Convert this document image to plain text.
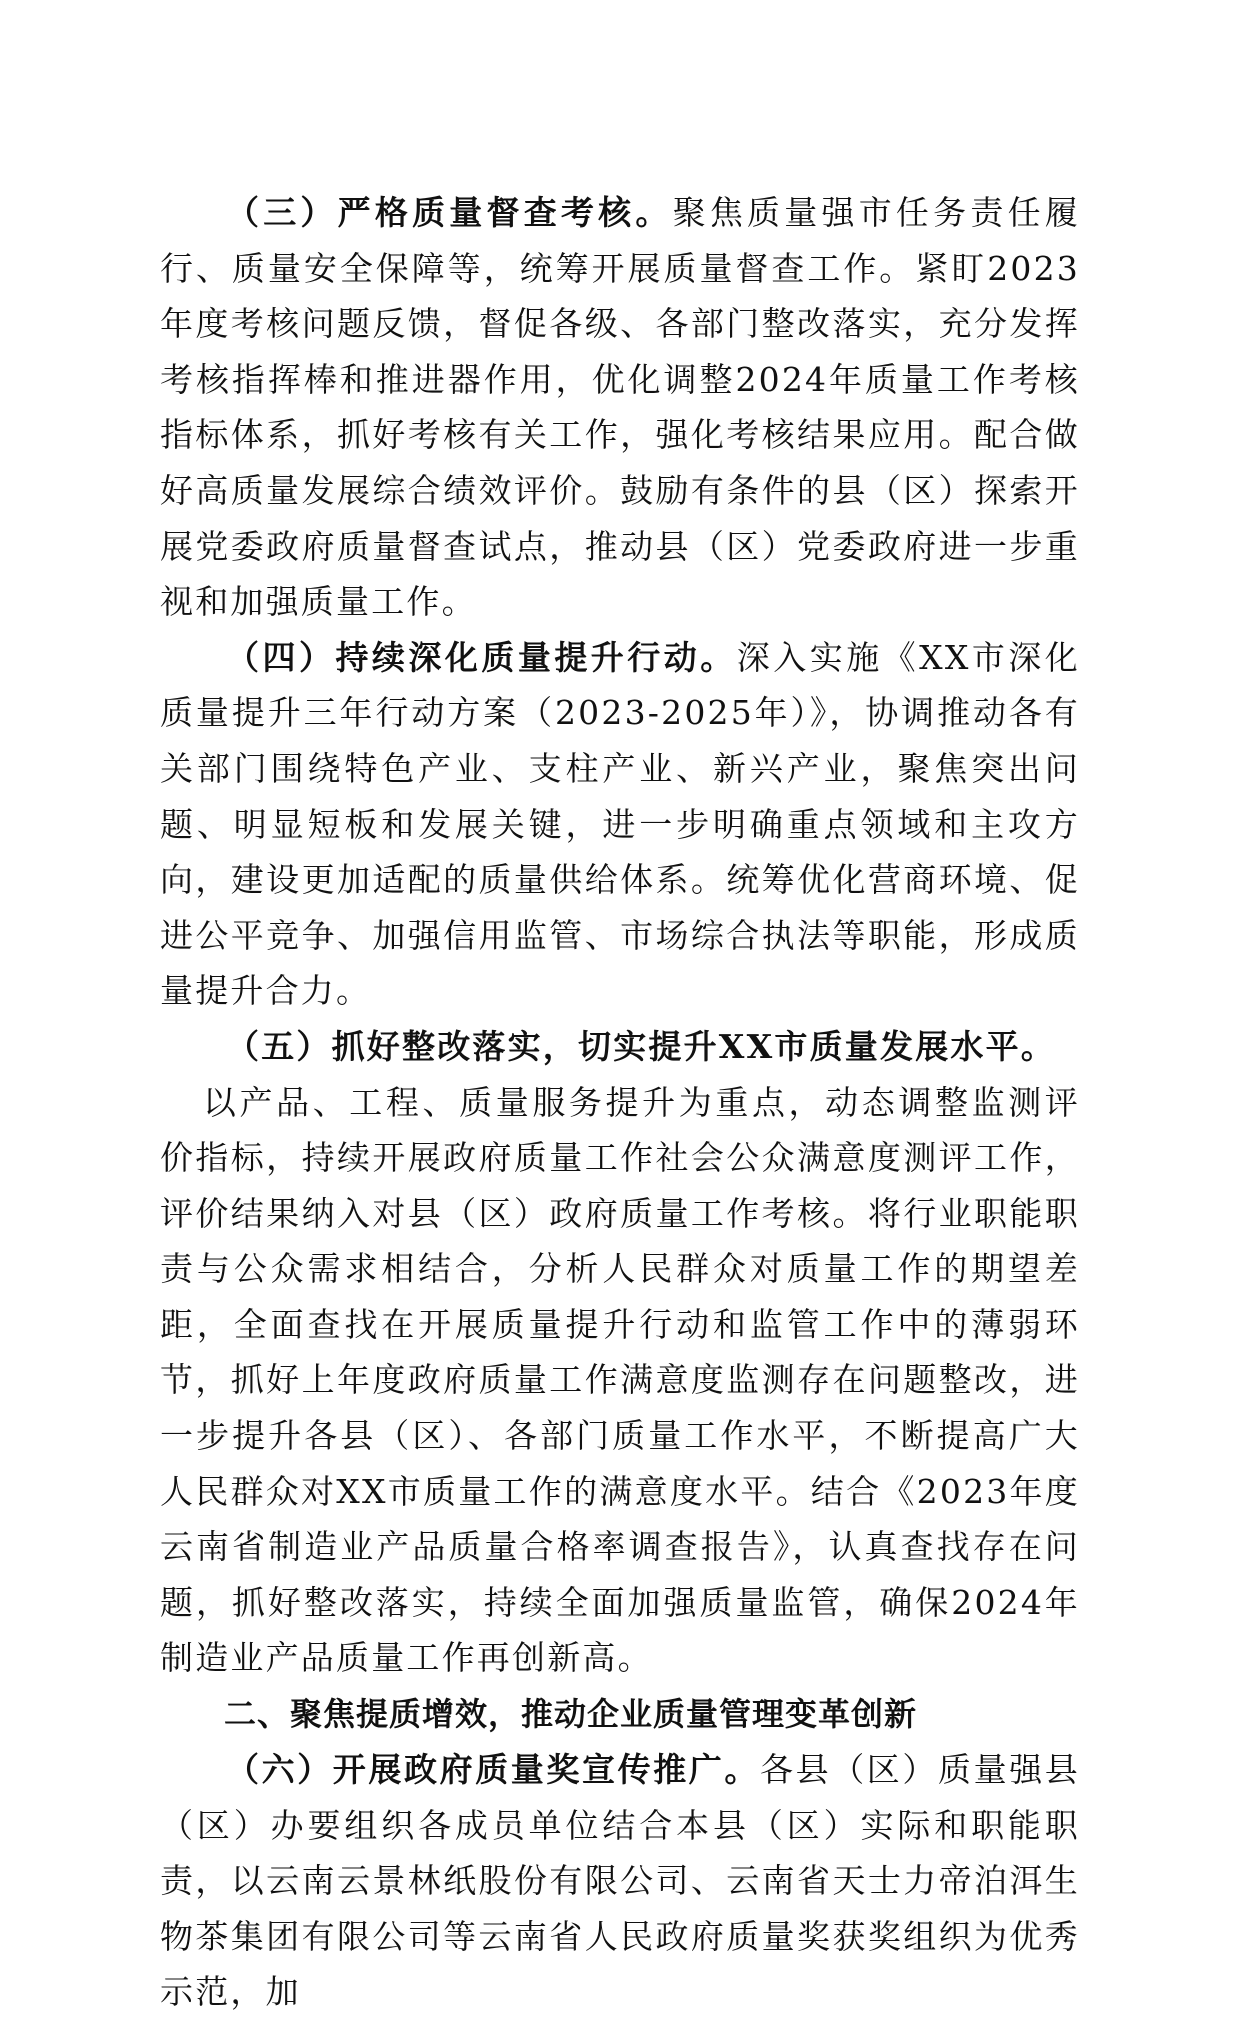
（三）严格质量督查考核。聚焦质量强市任务责任履行、质量安全保障等，统筹开展质量督查工作。紧盯2023年度考核问题反馈，督促各级、各部门整改落实，充分发挥考核指挥棒和推进器作用，优化调整2024年质量工作考核指标体系，抓好考核有关工作，强化考核结果应用。配合做好高质量发展综合绩效评价。鼓励有条件的县（区）探索开展党委政府质量督查试点，推动县（区）党委政府进一步重视和加强质量工作。

（四）持续深化质量提升行动。深入实施《XX市深化质量提升三年行动方案（2023-2025年）》，协调推动各有关部门围绕特色产业、支柱产业、新兴产业，聚焦突出问题、明显短板和发展关键，进一步明确重点领域和主攻方向，建设更加适配的质量供给体系。统筹优化营商环境、促进公平竞争、加强信用监管、市场综合执法等职能，形成质量提升合力。

（五）抓好整改落实，切实提升XX市质量发展水平。

以产品、工程、质量服务提升为重点，动态调整监测评价指标，持续开展政府质量工作社会公众满意度测评工作，评价结果纳入对县（区）政府质量工作考核。将行业职能职责与公众需求相结合，分析人民群众对质量工作的期望差距，全面查找在开展质量提升行动和监管工作中的薄弱环节，抓好上年度政府质量工作满意度监测存在问题整改，进一步提升各县（区）、各部门质量工作水平，不断提高广大人民群众对XX市质量工作的满意度水平。结合《2023年度云南省制造业产品质量合格率调查报告》，认真查找存在问题，抓好整改落实，持续全面加强质量监管，确保2024年制造业产品质量工作再创新高。

二、聚焦提质增效，推动企业质量管理变革创新

（六）开展政府质量奖宣传推广。各县（区）质量强县（区）办要组织各成员单位结合本县（区）实际和职能职责，以云南云景林纸股份有限公司、云南省天士力帝泊洱生物茶集团有限公司等云南省人民政府质量奖获奖组织为优秀示范，加
